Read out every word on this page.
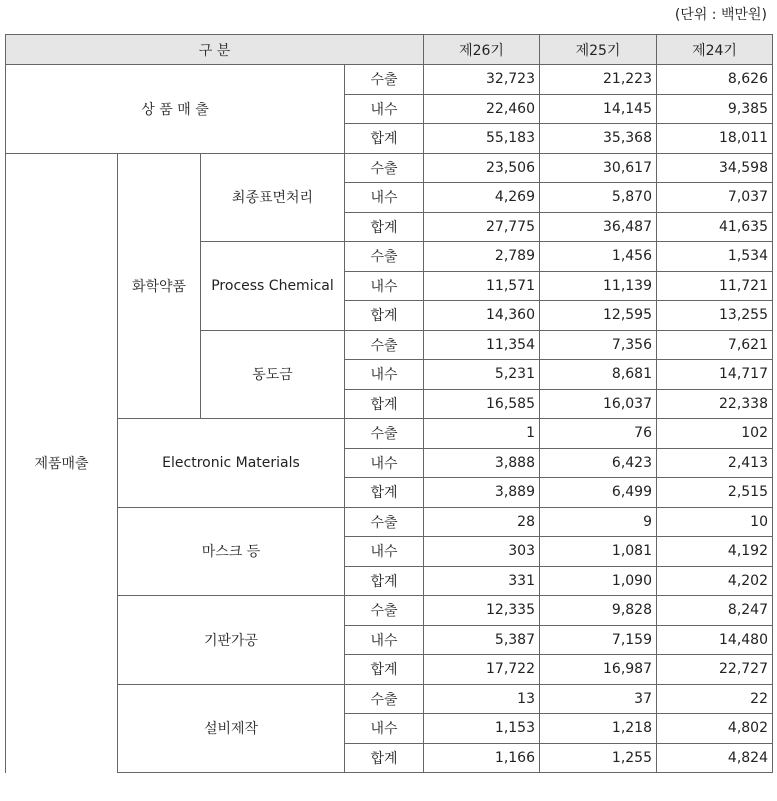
(단위 : 백만원)
구 분				제26기	제25기	제24기
상 품 매 출			수출	32,723	21,223	8,626
			내수	22,460	14,145	9,385
			합계	55,183	35,368	18,011
제품매출	화학약품	최종표면처리	수출	23,506	30,617	34,598
			내수	4,269	5,870	7,037
			합계	27,775	36,487	41,635
		Process Chemical	수출	2,789	1,456	1,534
			내수	11,571	11,139	11,721
			합계	14,360	12,595	13,255
		동도금	수출	11,354	7,356	7,621
			내수	5,231	8,681	14,717
			합계	16,585	16,037	22,338
	Electronic Materials		수출	1	76	102
			내수	3,888	6,423	2,413
			합계	3,889	6,499	2,515
	마스크 등		수출	28	9	10
			내수	303	1,081	4,192
			합계	331	1,090	4,202
	기판가공		수출	12,335	9,828	8,247
			내수	5,387	7,159	14,480
			합계	17,722	16,987	22,727
	설비제작		수출	13	37	22
			내수	1,153	1,218	4,802
			합계	1,166	1,255	4,824
